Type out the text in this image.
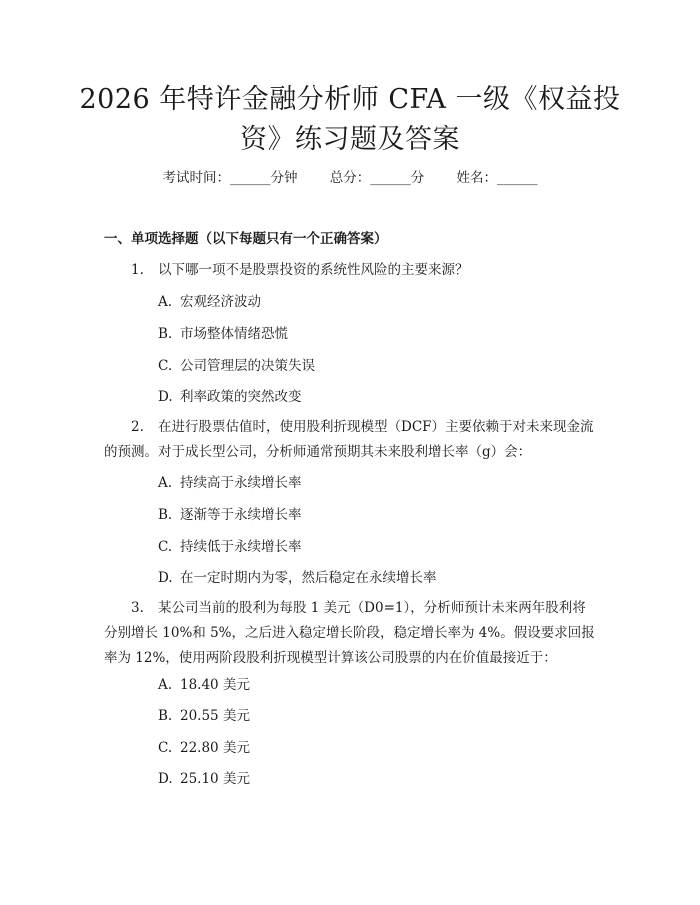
2026 年特许金融分析师 CFA 一级《权益投资》练习题及答案
考试时间：______分钟 总分：______分 姓名：______
一、单项选择题（以下每题只有一个正确答案）
1. 以下哪一项不是股票投资的系统性风险的主要来源？
A. 宏观经济波动
B. 市场整体情绪恐慌
C. 公司管理层的决策失误
D. 利率政策的突然改变
2. 在进行股票估值时，使用股利折现模型（DCF）主要依赖于对未来现金流的预测。对于成长型公司，分析师通常预期其未来股利增长率（g）会：
A. 持续高于永续增长率
B. 逐渐等于永续增长率
C. 持续低于永续增长率
D. 在一定时期内为零，然后稳定在永续增长率
3. 某公司当前的股利为每股 1 美元（D0=1），分析师预计未来两年股利将分别增长 10%和 5%，之后进入稳定增长阶段，稳定增长率为 4%。假设要求回报率为 12%，使用两阶段股利折现模型计算该公司股票的内在价值最接近于：
A. 18.40 美元
B. 20.55 美元
C. 22.80 美元
D. 25.10 美元
